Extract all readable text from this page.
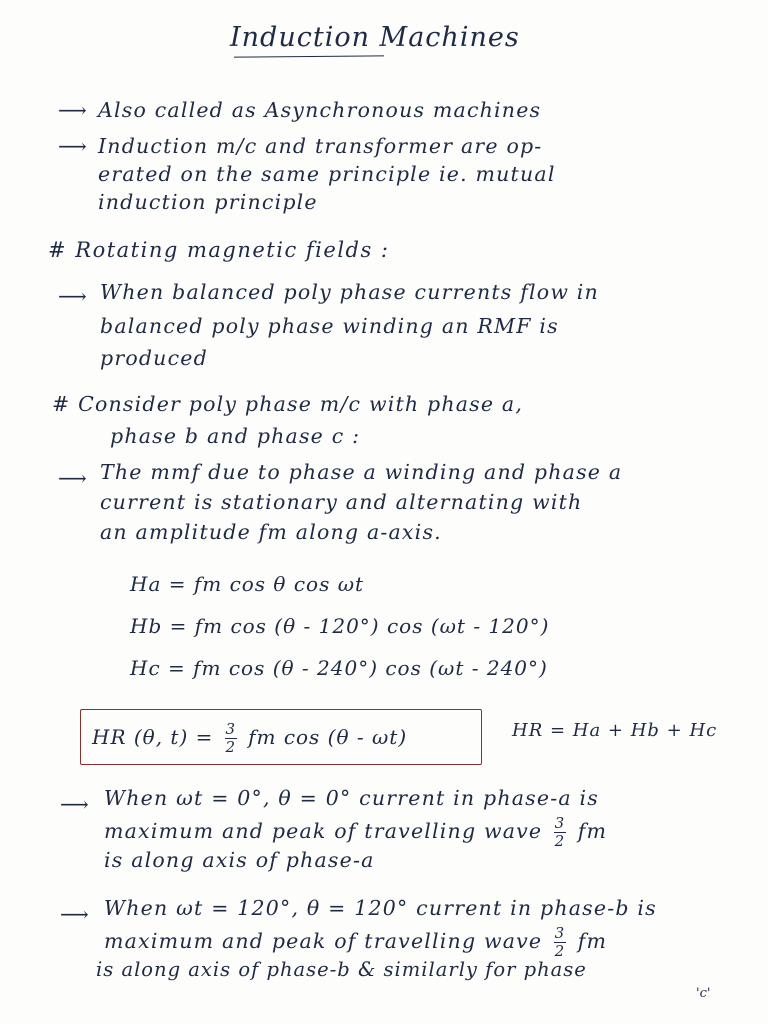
Induction Machines
⟶ Also called as Asynchronous machines
⟶ Induction m/c and transformer are op-
erated on the same principle ie. mutual
induction principle
# Rotating magnetic fields :
⟶ When balanced poly phase currents flow in
balanced poly phase winding an RMF is
produced
# Consider poly phase m/c with phase a,
phase b and phase c :
⟶ The mmf due to phase a winding and phase a
current is stationary and alternating with
an amplitude fm along a-axis.
Ha = fm cos θ cos ωt
Hb = fm cos (θ - 120°) cos (ωt - 120°)
Hc = fm cos (θ - 240°) cos (ωt - 240°)
HR (θ, $t) = \frac{3}{2}$ fm cos (θ - ωt)	HR = Ha + Hb + Hc
⟶ When ωt = 0°, θ = 0° current in phase-a is
maximum and peak of travelling wave $\frac{3}{2}$ fm
is along axis of phase-a
⟶ When ωt = 120°, θ = 120° current in phase-b is
maximum and peak of travelling wave $\frac{3}{2}$ fm
is along axis of phase-b & similarly for phase
'c'
